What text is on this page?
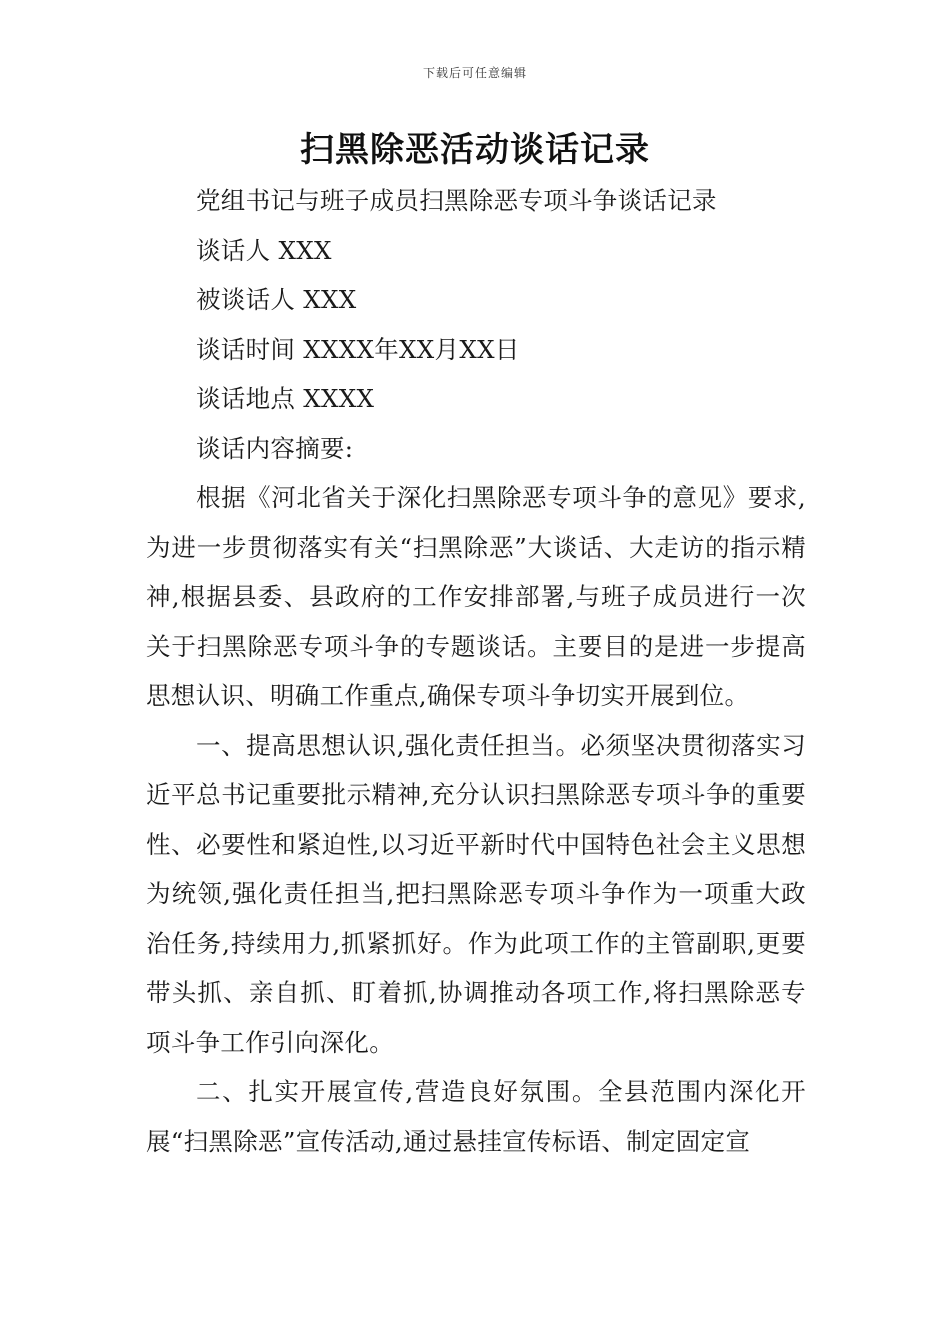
下载后可任意编辑
扫黑除恶活动谈话记录

党组书记与班子成员扫黑除恶专项斗争谈话记录

谈话人 XXX

被谈话人 XXX

谈话时间 XXXX年XX月XX日

谈话地点 XXXX

谈话内容摘要:

根据《河北省关于深化扫黑除恶专项斗争的意见》要求,为进一步贯彻落实有关“扫黑除恶”大谈话、大走访的指示精神,根据县委、县政府的工作安排部署,与班子成员进行一次关于扫黑除恶专项斗争的专题谈话。主要目的是进一步提高思想认识、明确工作重点,确保专项斗争切实开展到位。

一、提高思想认识,强化责任担当。必须坚决贯彻落实习近平总书记重要批示精神,充分认识扫黑除恶专项斗争的重要性、必要性和紧迫性,以习近平新时代中国特色社会主义思想为统领,强化责任担当,把扫黑除恶专项斗争作为一项重大政治任务,持续用力,抓紧抓好。作为此项工作的主管副职,更要带头抓、亲自抓、盯着抓,协调推动各项工作,将扫黑除恶专项斗争工作引向深化。

二、扎实开展宣传,营造良好氛围。全县范围内深化开展“扫黑除恶”宣传活动,通过悬挂宣传标语、制定固定宣
